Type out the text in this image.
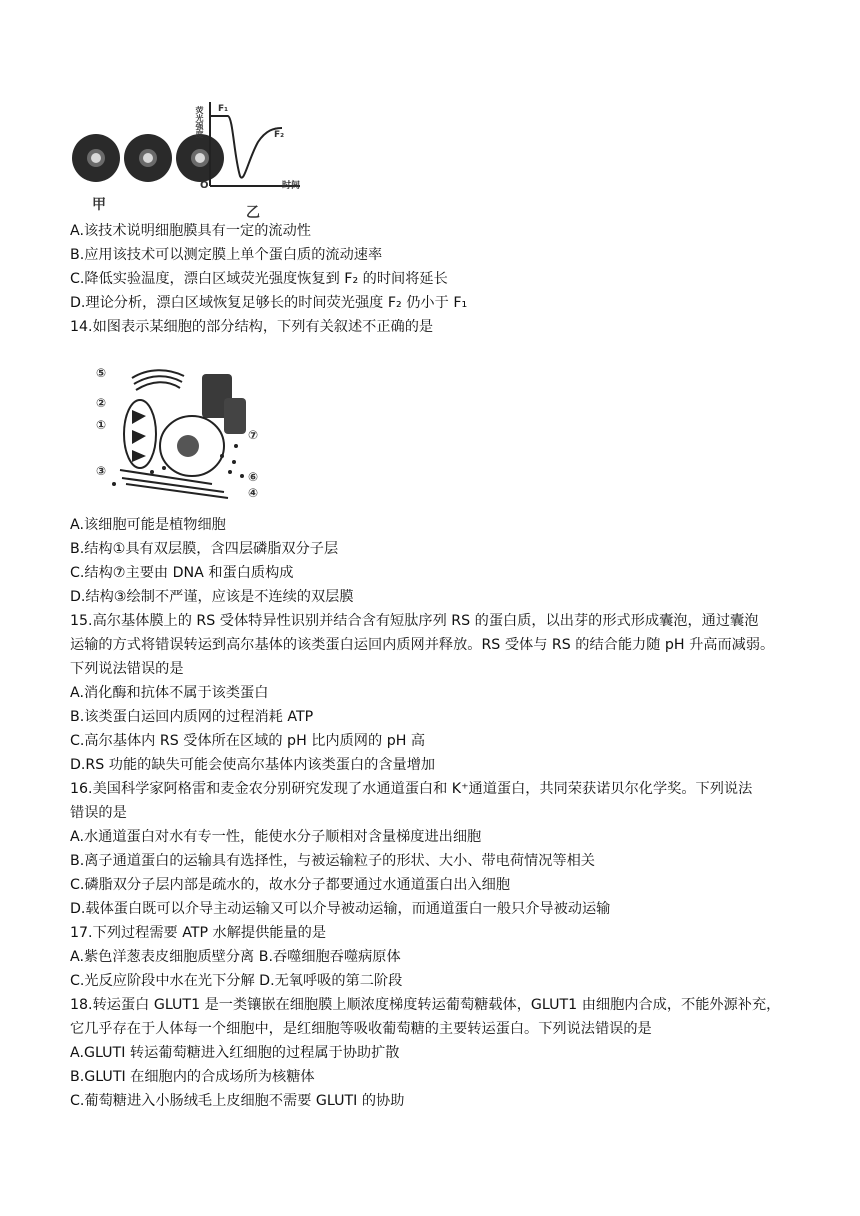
甲	乙
荧光强度
时间
O
F₁
F₂
A.该技术说明细胞膜具有一定的流动性
B.应用该技术可以测定膜上单个蛋白质的流动速率
C.降低实验温度，漂白区域荧光强度恢复到 F₂ 的时间将延长
D.理论分析，漂白区域恢复足够长的时间荧光强度 F₂ 仍小于 F₁
14.如图表示某细胞的部分结构，下列有关叙述不正确的是
⑤
②
①
③
⑦
⑥
④
A.该细胞可能是植物细胞
B.结构①具有双层膜，含四层磷脂双分子层
C.结构⑦主要由 DNA 和蛋白质构成
D.结构③绘制不严谨，应该是不连续的双层膜
15.高尔基体膜上的 RS 受体特异性识别并结合含有短肽序列 RS 的蛋白质，以出芽的形式形成囊泡，通过囊泡
运输的方式将错误转运到高尔基体的该类蛋白运回内质网并释放。RS 受体与 RS 的结合能力随 pH 升高而减弱。
下列说法错误的是
A.消化酶和抗体不属于该类蛋白
B.该类蛋白运回内质网的过程消耗 ATP
C.高尔基体内 RS 受体所在区域的 pH 比内质网的 pH 高
D.RS 功能的缺失可能会使高尔基体内该类蛋白的含量增加
16.美国科学家阿格雷和麦金农分别研究发现了水通道蛋白和 K⁺通道蛋白，共同荣获诺贝尔化学奖。下列说法
错误的是
A.水通道蛋白对水有专一性，能使水分子顺相对含量梯度进出细胞
B.离子通道蛋白的运输具有选择性，与被运输粒子的形状、大小、带电荷情况等相关
C.磷脂双分子层内部是疏水的，故水分子都要通过水通道蛋白出入细胞
D.载体蛋白既可以介导主动运输又可以介导被动运输，而通道蛋白一般只介导被动运输
17.下列过程需要 ATP 水解提供能量的是
A.紫色洋葱表皮细胞质壁分离 B.吞噬细胞吞噬病原体
C.光反应阶段中水在光下分解 D.无氧呼吸的第二阶段
18.转运蛋白 GLUT1 是一类镶嵌在细胞膜上顺浓度梯度转运葡萄糖载体，GLUT1 由细胞内合成，不能外源补充，
它几乎存在于人体每一个细胞中，是红细胞等吸收葡萄糖的主要转运蛋白。下列说法错误的是
A.GLUTI 转运葡萄糖进入红细胞的过程属于协助扩散
B.GLUTI 在细胞内的合成场所为核糖体
C.葡萄糖进入小肠绒毛上皮细胞不需要 GLUTI 的协助
